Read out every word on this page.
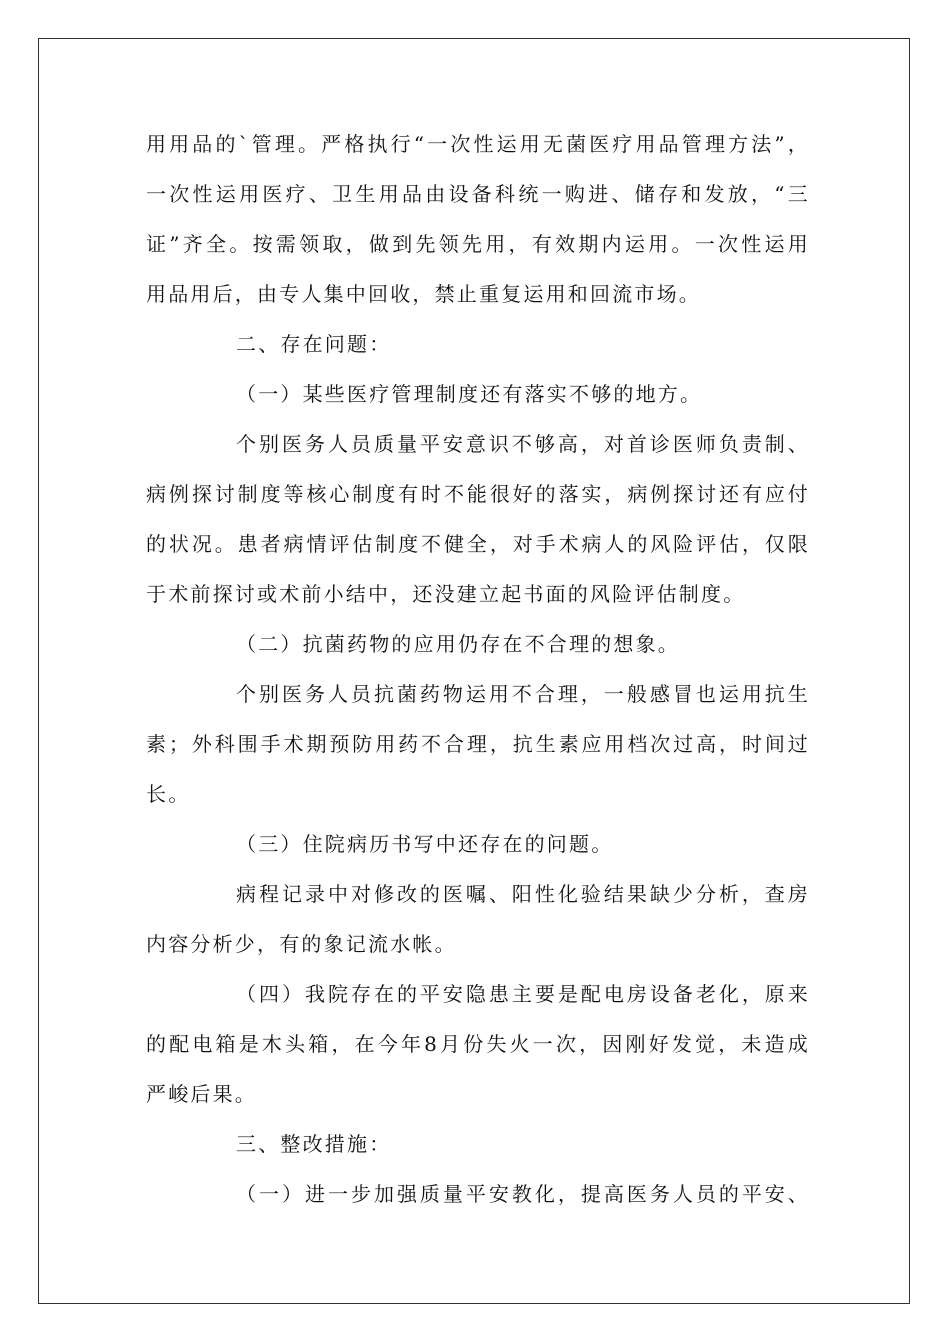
用用品的`管理。严格执行“一次性运用无菌医疗用品管理方法”，
一次性运用医疗、卫生用品由设备科统一购进、储存和发放，“三
证”齐全。按需领取，做到先领先用，有效期内运用。一次性运用
用品用后，由专人集中回收，禁止重复运用和回流市场。
二、存在问题：
（一）某些医疗管理制度还有落实不够的地方。
个别医务人员质量平安意识不够高，对首诊医师负责制、
病例探讨制度等核心制度有时不能很好的落实，病例探讨还有应付
的状况。患者病情评估制度不健全，对手术病人的风险评估，仅限
于术前探讨或术前小结中，还没建立起书面的风险评估制度。
（二）抗菌药物的应用仍存在不合理的想象。
个别医务人员抗菌药物运用不合理，一般感冒也运用抗生
素；外科围手术期预防用药不合理，抗生素应用档次过高，时间过
长。
（三）住院病历书写中还存在的问题。
病程记录中对修改的医嘱、阳性化验结果缺少分析，查房
内容分析少，有的象记流水帐。
（四）我院存在的平安隐患主要是配电房设备老化，原来
的配电箱是木头箱，在今年8月份失火一次，因刚好发觉，未造成
严峻后果。
三、整改措施：
（一）进一步加强质量平安教化，提高医务人员的平安、
